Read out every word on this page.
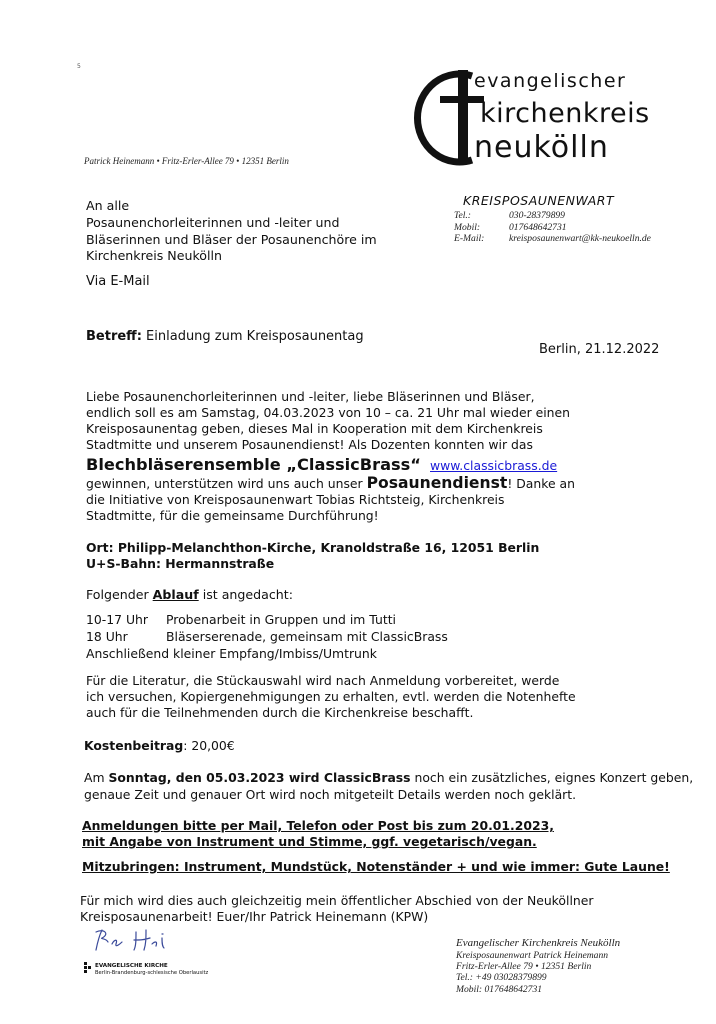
5
evangelischer
kirchenkreis
neukölln
Patrick Heinemann • Fritz-Erler-Allee 79 • 12351 Berlin
An alle
Posaunenchorleiterinnen und -leiter und
Bläserinnen und Bläser der Posaunenchöre im
Kirchenkreis Neukölln
Via E-Mail
KREISPOSAUNENWART
Tel.:	030-28379899
Mobil:	017648642731
E-Mail:	kreisposaunenwart@kk-neukoelln.de
Betreff: Einladung zum Kreisposaunentag
Berlin, 21.12.2022
Liebe Posaunenchorleiterinnen und -leiter, liebe Bläserinnen und Bläser,
endlich soll es am Samstag, 04.03.2023 von 10 – ca. 21 Uhr mal wieder einen
Kreisposaunentag geben, dieses Mal in Kooperation mit dem Kirchenkreis
Stadtmitte und unserem Posaunendienst! Als Dozenten konnten wir das
Blechbläserensemble „ClassicBrass“ www.classicbrass.de
gewinnen, unterstützen wird uns auch unser Posaunendienst! Danke an
die Initiative von Kreisposaunenwart Tobias Richtsteig, Kirchenkreis
Stadtmitte, für die gemeinsame Durchführung!
Ort: Philipp-Melanchthon-Kirche, Kranoldstraße 16, 12051 Berlin
U+S-Bahn: Hermannstraße
Folgender Ablauf ist angedacht:
10-17 Uhr	Probenarbeit in Gruppen und im Tutti
18 Uhr	Bläserserenade, gemeinsam mit ClassicBrass
Anschließend kleiner Empfang/Imbiss/Umtrunk
Für die Literatur, die Stückauswahl wird nach Anmeldung vorbereitet, werde
ich versuchen, Kopiergenehmigungen zu erhalten, evtl. werden die Notenhefte
auch für die Teilnehmenden durch die Kirchenkreise beschafft.
Kostenbeitrag: 20,00€
Am Sonntag, den 05.03.2023 wird ClassicBrass noch ein zusätzliches, eignes Konzert geben,
genaue Zeit und genauer Ort wird noch mitgeteilt Details werden noch geklärt.
Anmeldungen bitte per Mail, Telefon oder Post bis zum 20.01.2023,
mit Angabe von Instrument und Stimme, ggf. vegetarisch/vegan.
Mitzubringen: Instrument, Mundstück, Notenständer + und wie immer: Gute Laune!
Für mich wird dies auch gleichzeitig mein öffentlicher Abschied von der Neuköllner
Kreisposaunenarbeit! Euer/Ihr Patrick Heinemann (KPW)
EVANGELISCHE KIRCHE
Berlin-Brandenburg-schlesische Oberlausitz
Evangelischer Kirchenkreis Neukölln
Kreisposaunenwart Patrick Heinemann
Fritz-Erler-Allee 79 • 12351 Berlin
Tel.: +49 03028379899
Mobil: 017648642731
